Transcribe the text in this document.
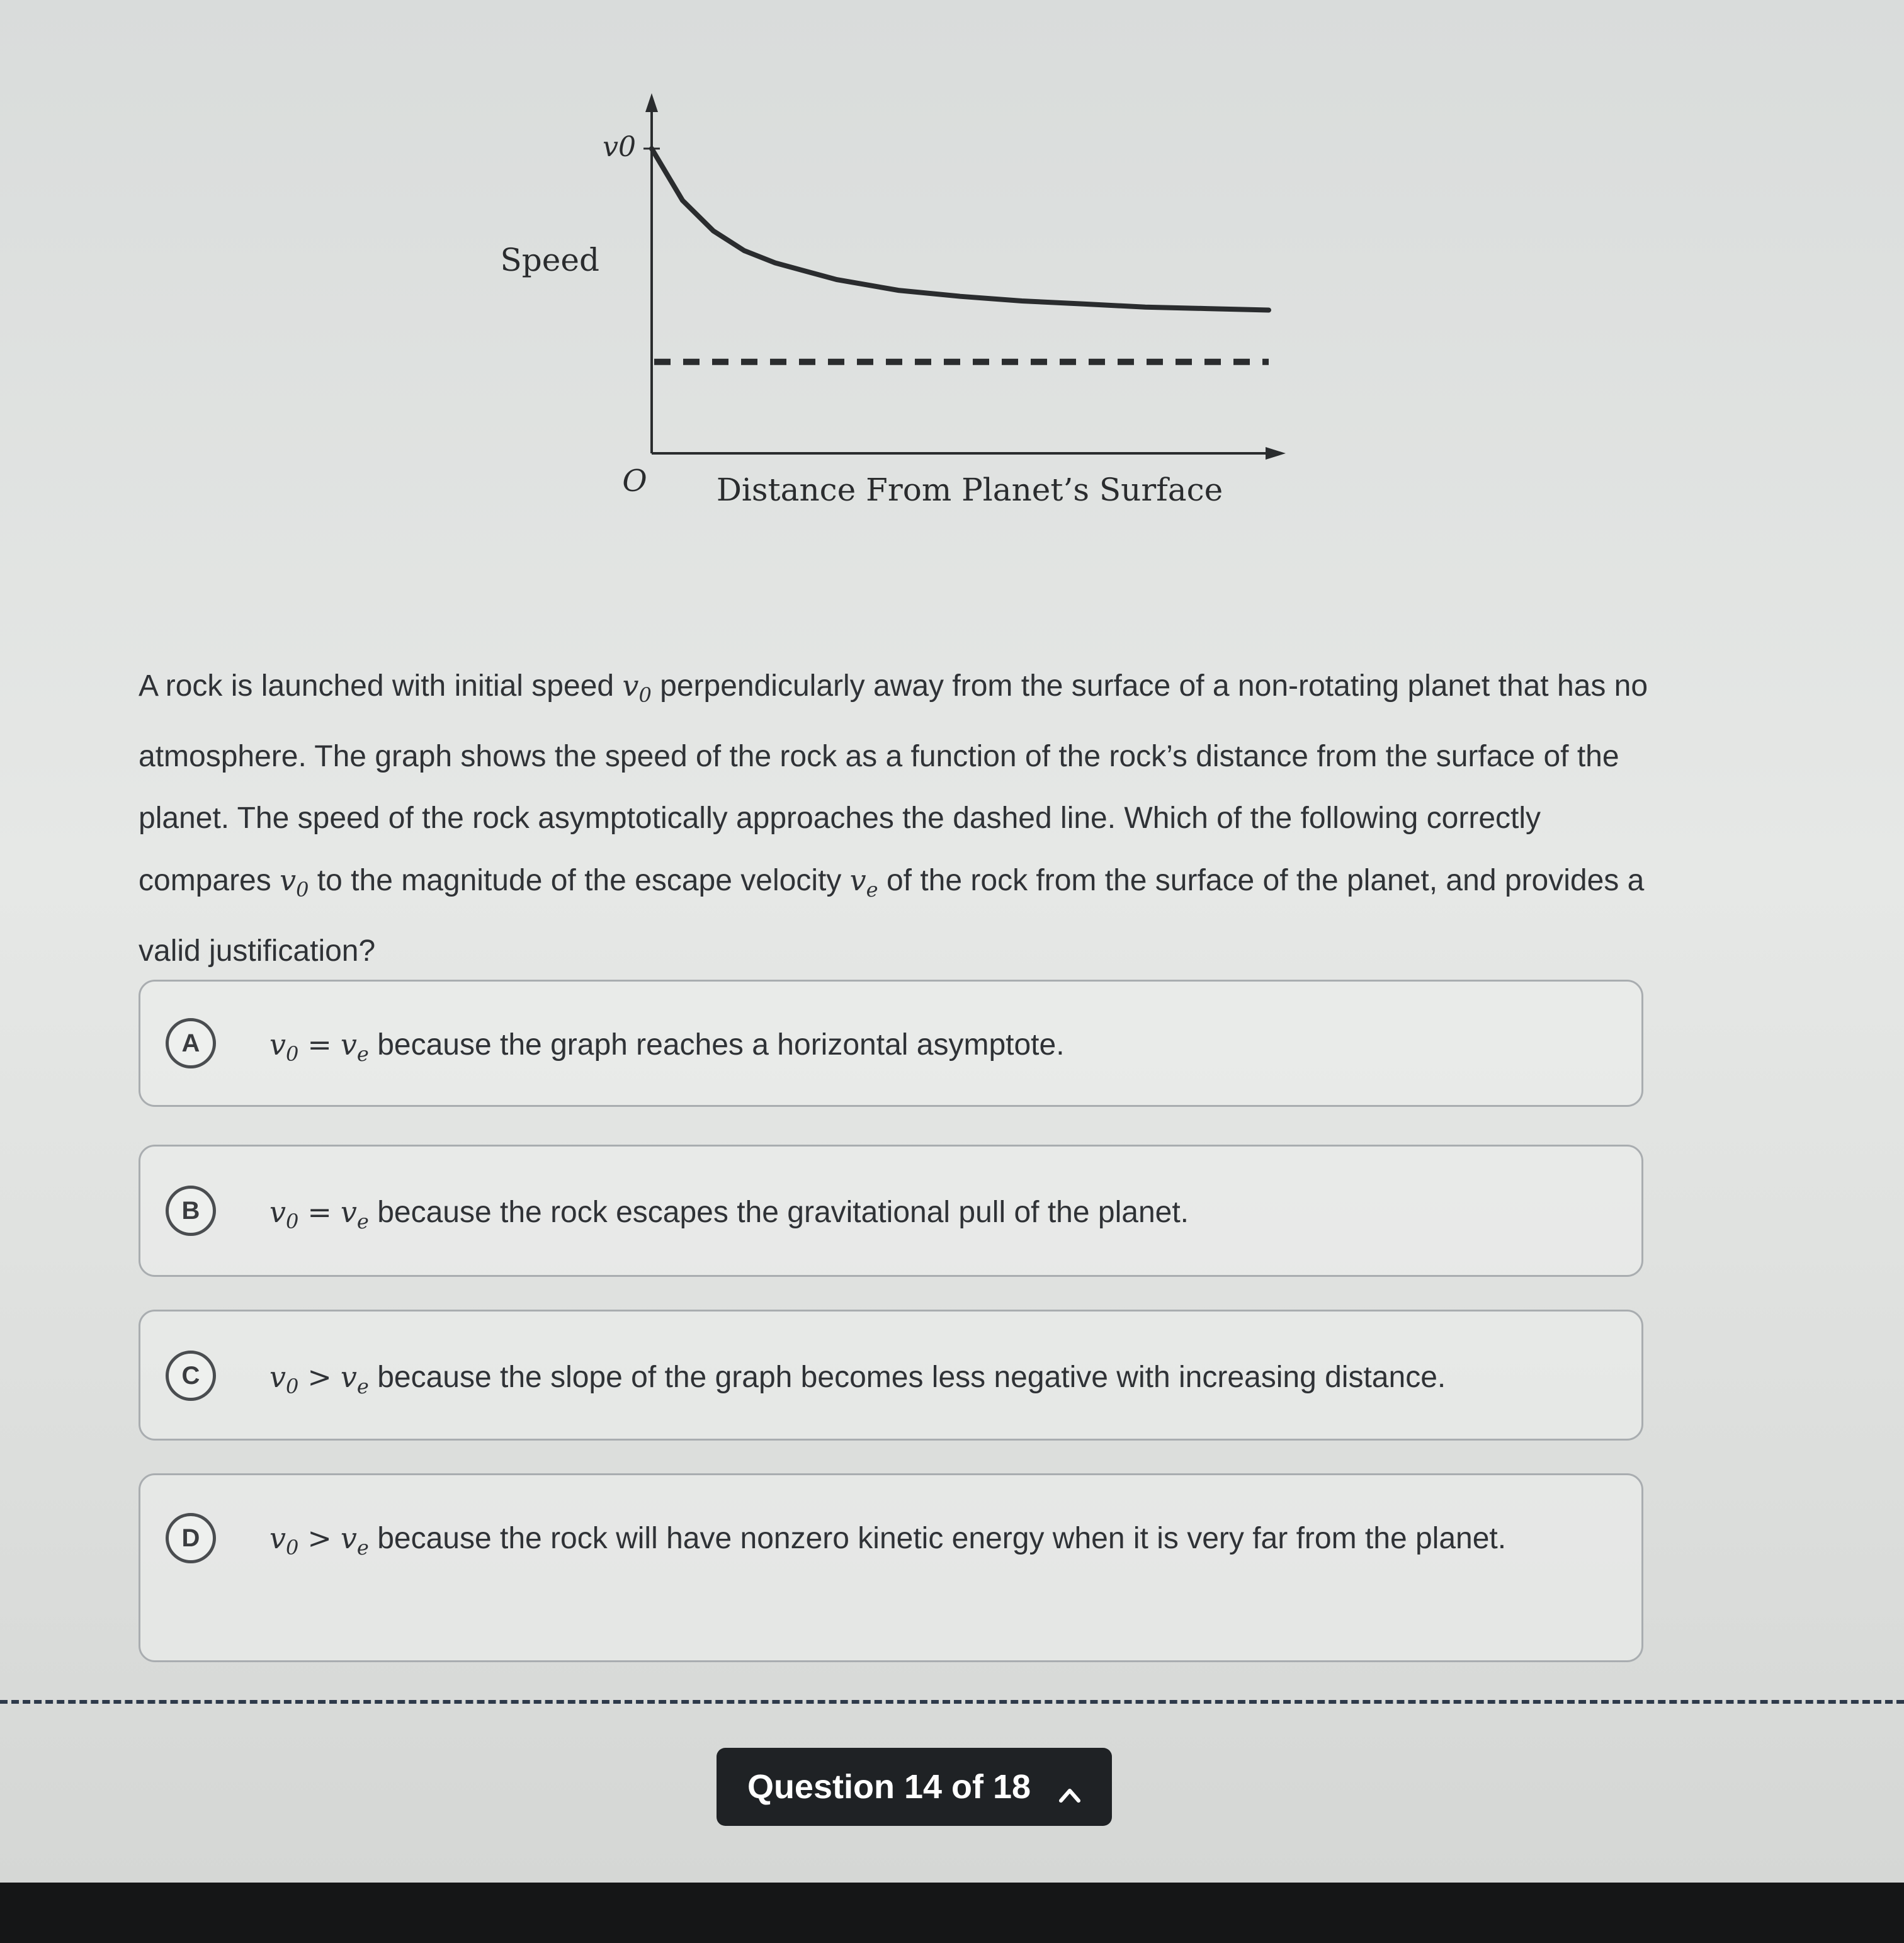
v0
Speed
O Distance From Planet’s Surface
A rock is launched with initial speed $v_0$ perpendicularly away from the surface of a non-rotating planet that has no atmosphere. The graph shows the speed of the rock as a function of the rock’s distance from the surface of the planet. The speed of the rock asymptotically approaches the dashed line. Which of the following correctly compares $v_0$ to the magnitude of the escape velocity $v_e$ of the rock from the surface of the planet, and provides a valid justification?
A	$v_0 = v_e$ because the graph reaches a horizontal asymptote.
B	$v_0 = v_e$ because the rock escapes the gravitational pull of the planet.
C	$v_0 > v_e$ because the slope of the graph becomes less negative with increasing distance.
D	$v_0 > v_e$ because the rock will have nonzero kinetic energy when it is very far from the planet.
Question 14 of 18
